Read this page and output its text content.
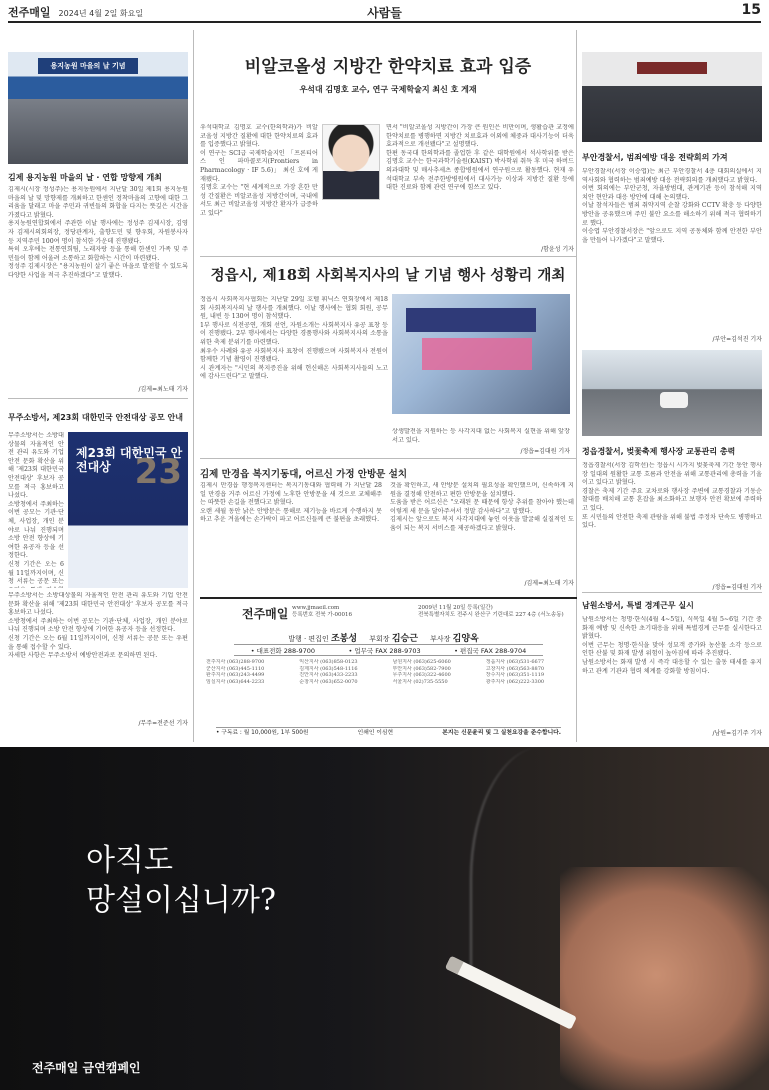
전주매일 2024년 4월 2일 화요일	사람들	15
용지농원 마을의 날 기념
김제 용지농원 마을의 날 · 연합 망향제 개최
김제시(시장 정성주)는 용지농원에서 지난달 30일 제1회 용지농원 마을의 날 및 망향제를 개최하고 한센인 정착마을의 고향에 대한 그리움을 달래고 마을 주민과 귀빈들의 화합을 다지는 뜻깊은 시간을 가졌다고 밝혔다.
용지농원연합회에서 주관한 이날 행사에는 정성주 김제시장, 김영자 김제시의회의장, 정당관계자, 출향도민 및 향우회, 자원봉사자 등 지역주민 100여 명이 참석한 가운데 진행됐다.
특히 오후에는 전통연희팀, 노래자랑 등을 통해 한센인 가족 및 주민들이 함께 어울려 소통하고 화합하는 시간이 마련됐다.
정성주 김제시장은 "용지농원이 살기 좋은 마을로 발전할 수 있도록 다양한 사업을 적극 추진하겠다"고 말했다.
/김제=최노태 기자
무주소방서, 제23회 대한민국 안전대상 공모 안내
제23회 대한민국 안전대상 23
무주소방서는 소방대상물의 자율적인 안전 관리 유도와 기업 안전 문화 확산을 위해 '제23회 대한민국 안전대상' 후보자 공모를 적극 홍보하고 나섰다.
소방청에서 주최하는 이번 공모는 기관·단체, 사업장, 개인 분야로 나눠 진행되며 소방 안전 향상에 기여한 유공자 등을 선정한다.
신청 기간은 오는 6월 11일까지이며, 신청 서류는 공문 또는

무주소방서는 소방대상물의 자율적인 안전 관리 유도와 기업 안전 문화 확산을 위해 '제23회 대한민국 안전대상' 후보자 공모를 적극 홍보하고 나섰다.
소방청에서 주최하는 이번 공모는 기관·단체, 사업장, 개인 분야로 나눠 진행되며 소방 안전 향상에 기여한 유공자 등을 선정한다.
신청 기간은 오는 6월 11일까지이며, 신청 서류는 공문 또는 우편을 통해 접수할 수 있다.
자세한 사항은 무주소방서 예방안전과로 문의하면 된다.
/무주=전준선 기자
비알코올성 지방간 한약치료 효과 입증
우석대 김명호 교수, 연구 국제학술지 최신 호 게재
우석대학교 김명호 교수(한의학과)가 비알코올성 지방간 질환에 대한 한약치료의 효과를 입증했다고 밝혔다.
이 연구는 SCI급 국제학술지인 「프론티어스 인 파마콜로지(Frontiers in Pharmacology · IF 5.6)」 최신 호에 게재됐다.
김명호 교수는 "현 세계적으로 가장 흔한 만성 간질환은 비알코올성 지방간이며, 국내에서도 최근 비알코올성 지방간 환자가 급증하고 있다"
면서 "비알코올성 지방간이 가장 큰 원인은 비만이며, 생활습관 교정에 한약치료를 병행하면 지방간 치료효과 이외에 체중과 대사기능이 더욱 효과적으로 개선됐다"고 설명했다.
한편 동국대 한의학과를 졸업한 후 같은 대학원에서 석사학위를 받은 김명호 교수는 한국과학기술원(KAIST) 박사학위 취득 후 미국 하버드 의과대학 및 매사추세츠 종합병원에서 연구원으로 활동했다. 현재 우석대학교 부속 전주한방병원에서 대사가능 이상과 지방간 질환 등에 대한 진료와 함께 관련 연구에 힘쓰고 있다.
/함윤성 기자
정읍시, 제18회 사회복지사의 날 기념 행사 성황리 개최
정읍시 사회복지사협회는 지난달 29일 호텔 휘닉스 연회장에서 제18회 사회복지사의 날 행사를 개최했다. 이날 행사에는 협회 회원, 공무원, 내빈 등 130여 명이 참석했다.
1부 행사로 식전공연, 개회 선언, 자원소개는 사회복지사 유공 표창 등이 진행됐다. 2부 행사에서는 다양한 경품행사와 사회복지사의 소통을 위한 축제 분위기를 마련했다.
최우수 사례와 유공 사회복지사 표창이 진행됐으며 사회복지사 전원이 함께한 기념 촬영이 진행됐다.
시 관계자는 "시민의 복지증진을 위해 헌신해온 사회복지사들의 노고에 감사드린다"고 말했다.
상생발전을 지원하는 등 사각지대 없는 사회복지 실현을 위해 앞장서고 있다.
/정읍=김대원 기자
김제 만경읍 복지기동대, 어르신 가정 안방문 설치
김제시 만경읍 행정복지센터는 복지기동대와 협력해 가 지난달 28일 만경읍 거주 어르신 가정에 노후한 안방문을 새 것으로 교체해주는 따뜻한 손길을 전했다고 밝혔다.
오랜 세월 동안 낡은 안방문은 통해로 제기능을 바르게 수행하지 못하고 추운 겨울에는 손가락이 파고 어르신들께 큰 불편을 초래했다.
것을 확인하고, 새 안방문 설치의 필요성을 확인했으며, 신속하게 지원을 결정해 안전하고 편한 안방문을 설치했다.
도움을 받은 어르신은 "오래된 문 때문에 항상 추위를 참아야 했는데 이렇게 새 문을 달아주셔서 정말 감사하다"고 말했다.
김제시는 앞으로도 복지 사각지대에 놓인 이웃을 발굴해 실질적인 도움이 되는 복지 서비스를 제공하겠다고 밝혔다.
/김제=최노태 기자
전주매일 www.jjmaeil.com
등록번호 전북 가-00016
2009년 11월 20일 등록(일간)
전북특별자치도 전주시 완산구 기린대로 227 4층 (서노송동)
발행 · 편집인 조봉성 부회장 김승근 부사장 김양옥
• 대표전화 288-9700	• 업무국 FAX 288-9703	• 편집국 FAX 288-9704
전주지사 (063)288-9700	익산지사 (063)858-0123	남원지사 (063)625-6060	정읍지사 (063)531-6677
군산지사 (063)445-1110	김제지사 (063)548-1116	부안지사 (063)582-7900	고창지사 (063)563-8870
완주지사 (063)243-4499	진안지사 (063)433-2233	무주지사 (063)322-4600	장수지사 (063)351-1119
임실지사 (063)644-2233	순창지사 (063)652-0070	서울지사 (02)735-5550	광주지사 (062)222-3300
• 구독료 : 월 10,000원, 1부 500원	인쇄인 이심현	본지는 신문윤리 및 그 실천요강을 준수합니다.
부안경찰서, 범죄예방 대응 전략회의 가져
부안경찰서(서장 이승엽)는 최근 부안경찰서 4층 대회의실에서 지역사회와 협력하는 범죄예방 대응 전략회의를 개최했다고 밝혔다.
이번 회의에는 부안군청, 자율방범대, 관계기관 등이 참석해 지역 치안 현안과 대응 방안에 대해 논의했다.
이날 참석자들은 범죄 취약지역 순찰 강화와 CCTV 확충 등 다양한 방안을 공유했으며 주민 불안 요소를 해소하기 위해 적극 협력하기로 했다.
이승엽 부안경찰서장은 "앞으로도 지역 공동체와 함께 안전한 부안을 만들어 나가겠다"고 말했다.
/부안=김석진 기자
정읍경찰서, 벚꽃축제 행사장 교통관리 총력
정읍경찰서(서장 김학선)는 정읍시 시가지 벚꽃축제 기간 동안 행사장 일대의 원활한 교통 흐름과 안전을 위해 교통관리에 총력을 기울이고 있다고 밝혔다.
경찰은 축제 기간 주요 교차로와 행사장 주변에 교통경찰과 기동순찰대를 배치해 교통 혼잡을 최소화하고 보행자 안전 확보에 주력하고 있다.
또 시민들의 안전한 축제 관람을 위해 불법 주정차 단속도 병행하고 있다.
/정읍=김대원 기자
남원소방서, 특별 경계근무 실시
남원소방서는 청명·한식(4월 4~5일), 식목일 4월 5~6일 기간 중 화재 예방 및 신속한 초기대응을 위해 특별경계 근무를 실시한다고 밝혔다.
이번 근무는 청명·한식을 맞아 성묘객 증가와 농산물 소각 등으로 인한 산불 및 화재 발생 위험이 높아짐에 따라 추진됐다.
남원소방서는 화재 발생 시 즉각 대응할 수 있는 출동 태세를 유지하고 관계 기관과 협력 체계를 강화할 방침이다.
/남원=김기주 기자
아직도
망설이십니까?
전주매일 금연캠페인
